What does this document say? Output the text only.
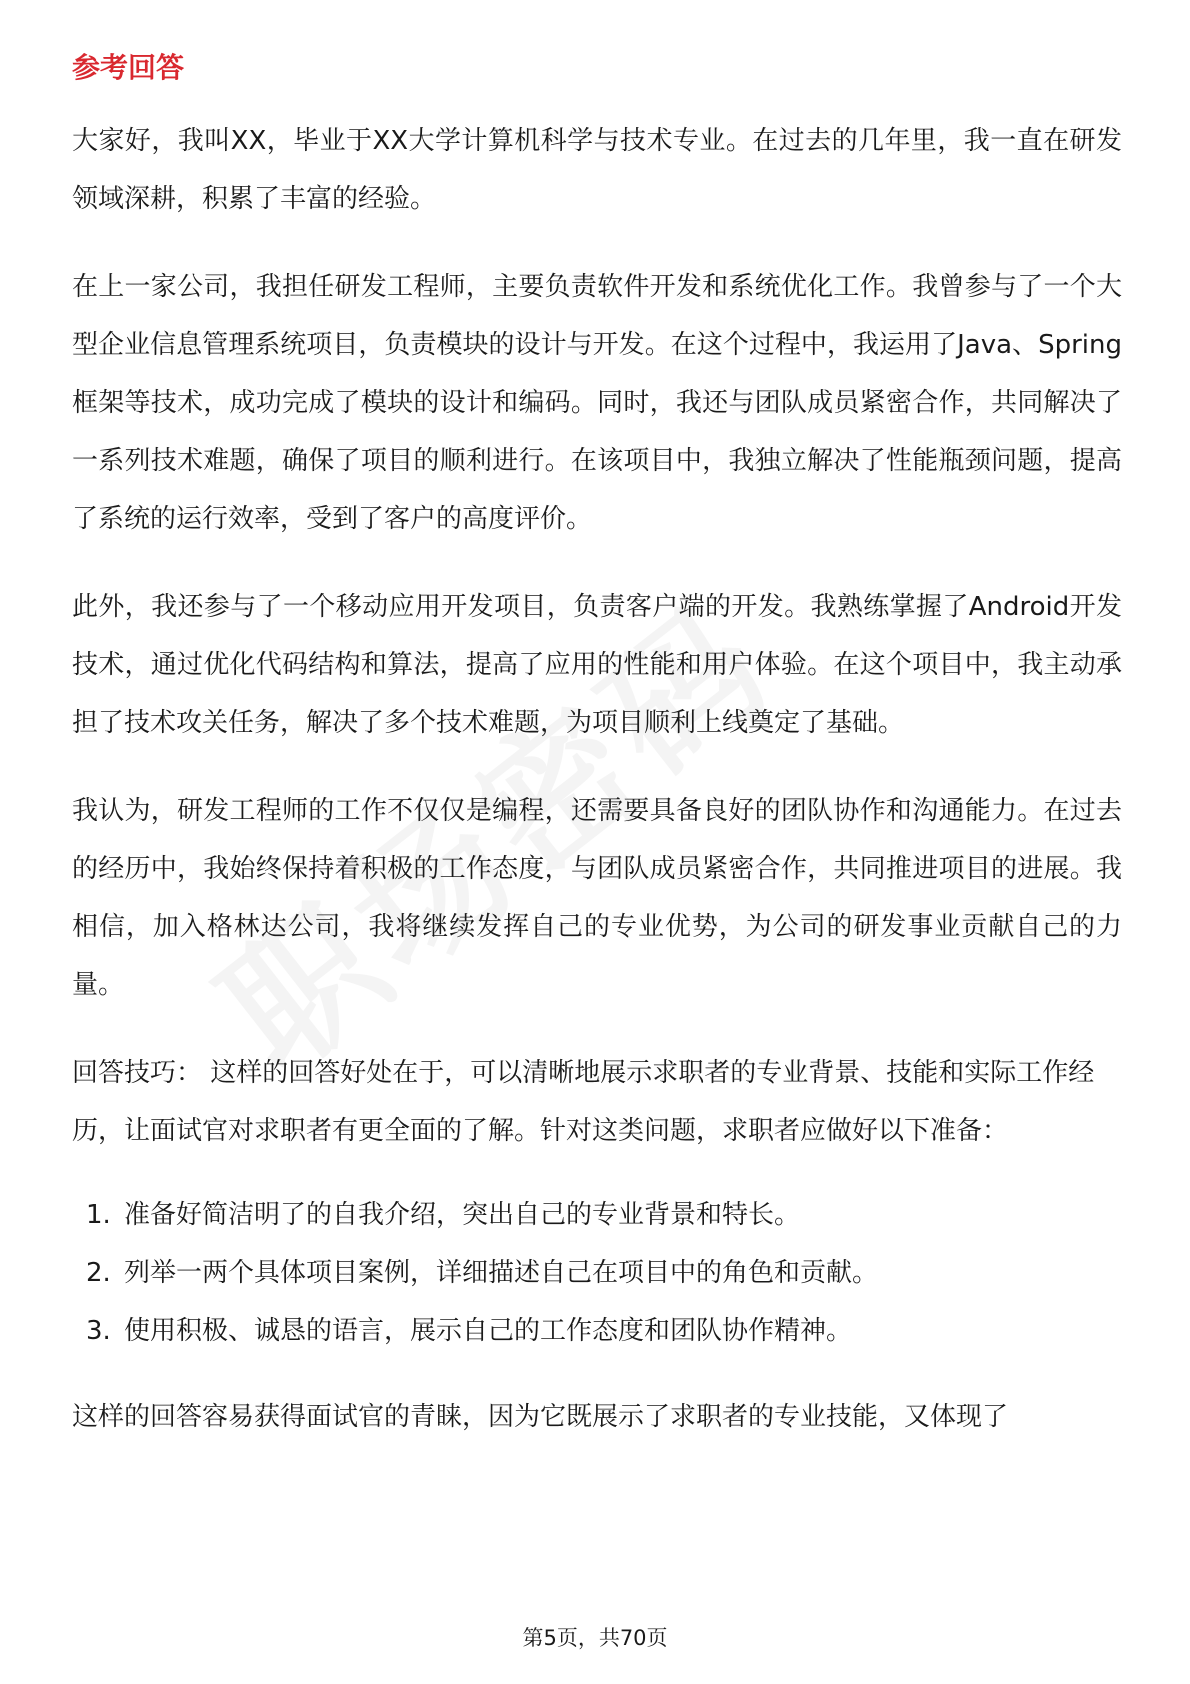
参考回答

大家好，我叫XX，毕业于XX大学计算机科学与技术专业。在过去的几年里，我一直在研发领域深耕，积累了丰富的经验。

在上一家公司，我担任研发工程师，主要负责软件开发和系统优化工作。我曾参与了一个大型企业信息管理系统项目，负责模块的设计与开发。在这个过程中，我运用了Java、Spring框架等技术，成功完成了模块的设计和编码。同时，我还与团队成员紧密合作，共同解决了一系列技术难题，确保了项目的顺利进行。在该项目中，我独立解决了性能瓶颈问题，提高了系统的运行效率，受到了客户的高度评价。

此外，我还参与了一个移动应用开发项目，负责客户端的开发。我熟练掌握了Android开发技术，通过优化代码结构和算法，提高了应用的性能和用户体验。在这个项目中，我主动承担了技术攻关任务，解决了多个技术难题，为项目顺利上线奠定了基础。

我认为，研发工程师的工作不仅仅是编程，还需要具备良好的团队协作和沟通能力。在过去的经历中，我始终保持着积极的工作态度，与团队成员紧密合作，共同推进项目的进展。我相信，加入格林达公司，我将继续发挥自己的专业优势，为公司的研发事业贡献自己的力量。

回答技巧： 这样的回答好处在于，可以清晰地展示求职者的专业背景、技能和实际工作经历，让面试官对求职者有更全面的了解。针对这类问题，求职者应做好以下准备：

1. 准备好简洁明了的自我介绍，突出自己的专业背景和特长。
2. 列举一两个具体项目案例，详细描述自己在项目中的角色和贡献。
3. 使用积极、诚恳的语言，展示自己的工作态度和团队协作精神。

这样的回答容易获得面试官的青睐，因为它既展示了求职者的专业技能，又体现了

第5页，共70页
